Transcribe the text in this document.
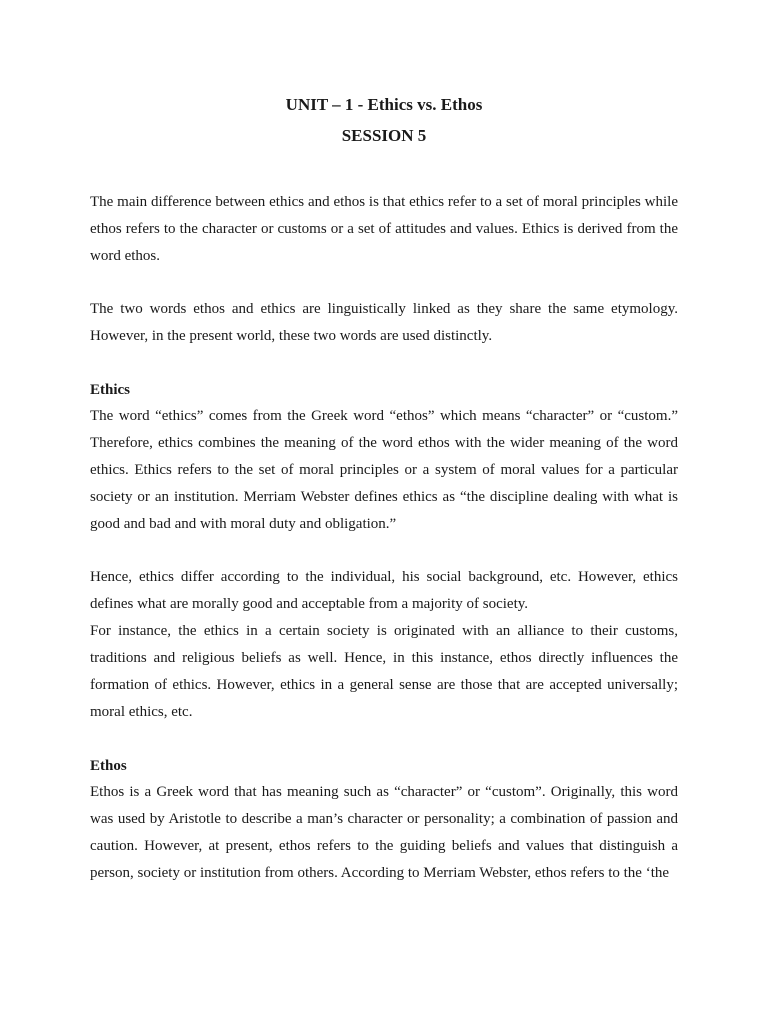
UNIT – 1 - Ethics vs. Ethos
SESSION 5

The main difference between ethics and ethos is that ethics refer to a set of moral principles while ethos refers to the character or customs or a set of attitudes and values. Ethics is derived from the word ethos.

The two words ethos and ethics are linguistically linked as they share the same etymology. However, in the present world, these two words are used distinctly.

Ethics

The word “ethics” comes from the Greek word “ethos” which means “character” or “custom.” Therefore, ethics combines the meaning of the word ethos with the wider meaning of the word ethics. Ethics refers to the set of moral principles or a system of moral values for a particular society or an institution. Merriam Webster defines ethics as “the discipline dealing with what is good and bad and with moral duty and obligation.”

Hence, ethics differ according to the individual, his social background, etc. However, ethics defines what are morally good and acceptable from a majority of society.

For instance, the ethics in a certain society is originated with an alliance to their customs, traditions and religious beliefs as well. Hence, in this instance, ethos directly influences the formation of ethics. However, ethics in a general sense are those that are accepted universally; moral ethics, etc.

Ethos

Ethos is a Greek word that has meaning such as “character” or “custom”. Originally, this word was used by Aristotle to describe a man’s character or personality; a combination of passion and caution. However, at present, ethos refers to the guiding beliefs and values that distinguish a person, society or institution from others. According to Merriam Webster, ethos refers to the ‘the
